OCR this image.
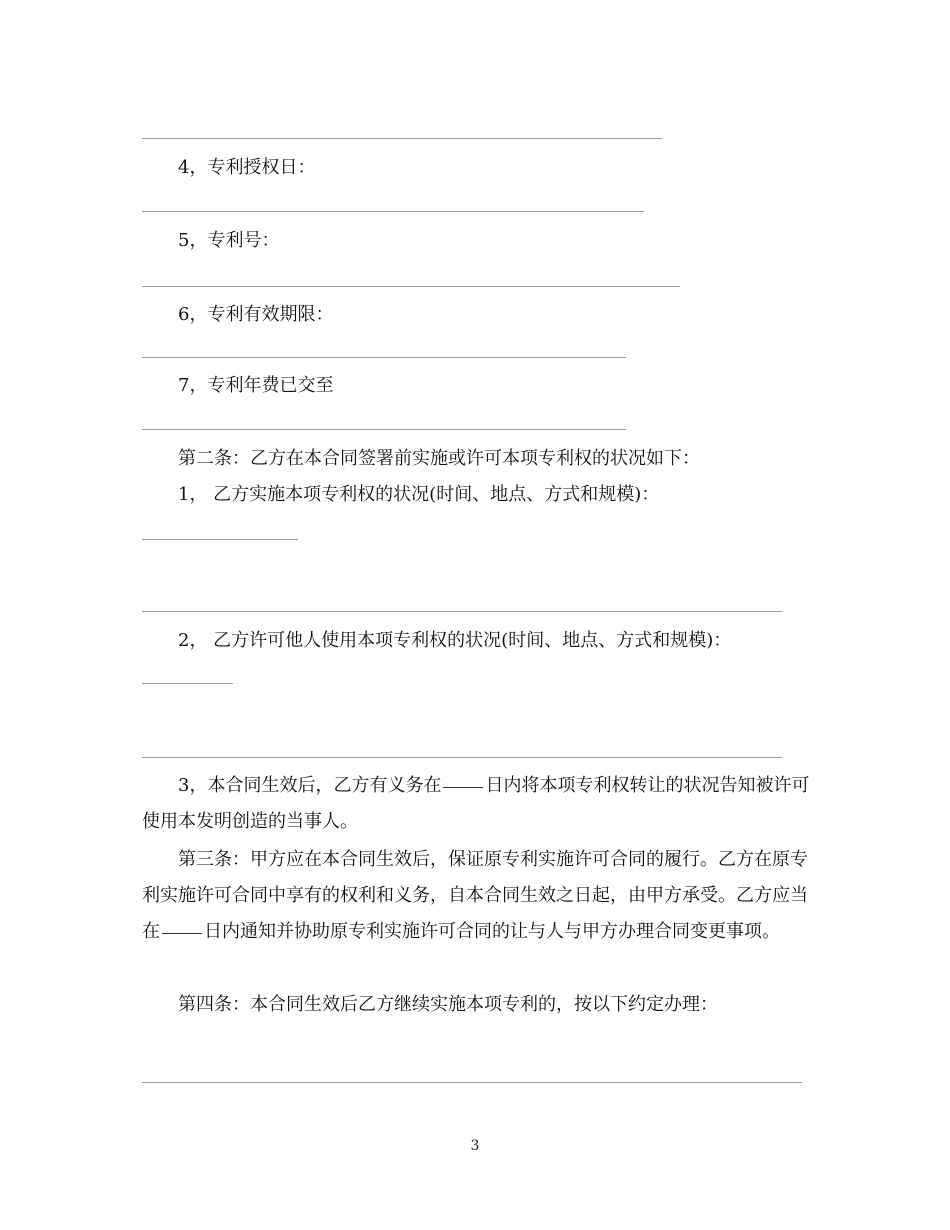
4，专利授权日：
5，专利号：
6，专利有效期限：
7，专利年费已交至
第二条：乙方在本合同签署前实施或许可本项专利权的状况如下：
1， 乙方实施本项专利权的状况(时间、地点、方式和规模)：
2， 乙方许可他人使用本项专利权的状况(时间、地点、方式和规模)：
3，本合同生效后，乙方有义务在 日内将本项专利权转让的状况告知被许可使用本发明创造的当事人。
第三条：甲方应在本合同生效后，保证原专利实施许可合同的履行。乙方在原专利实施许可合同中享有的权利和义务，自本合同生效之日起，由甲方承受。乙方应当在 日内通知并协助原专利实施许可合同的让与人与甲方办理合同变更事项。
第四条：本合同生效后乙方继续实施本项专利的，按以下约定办理：
3
